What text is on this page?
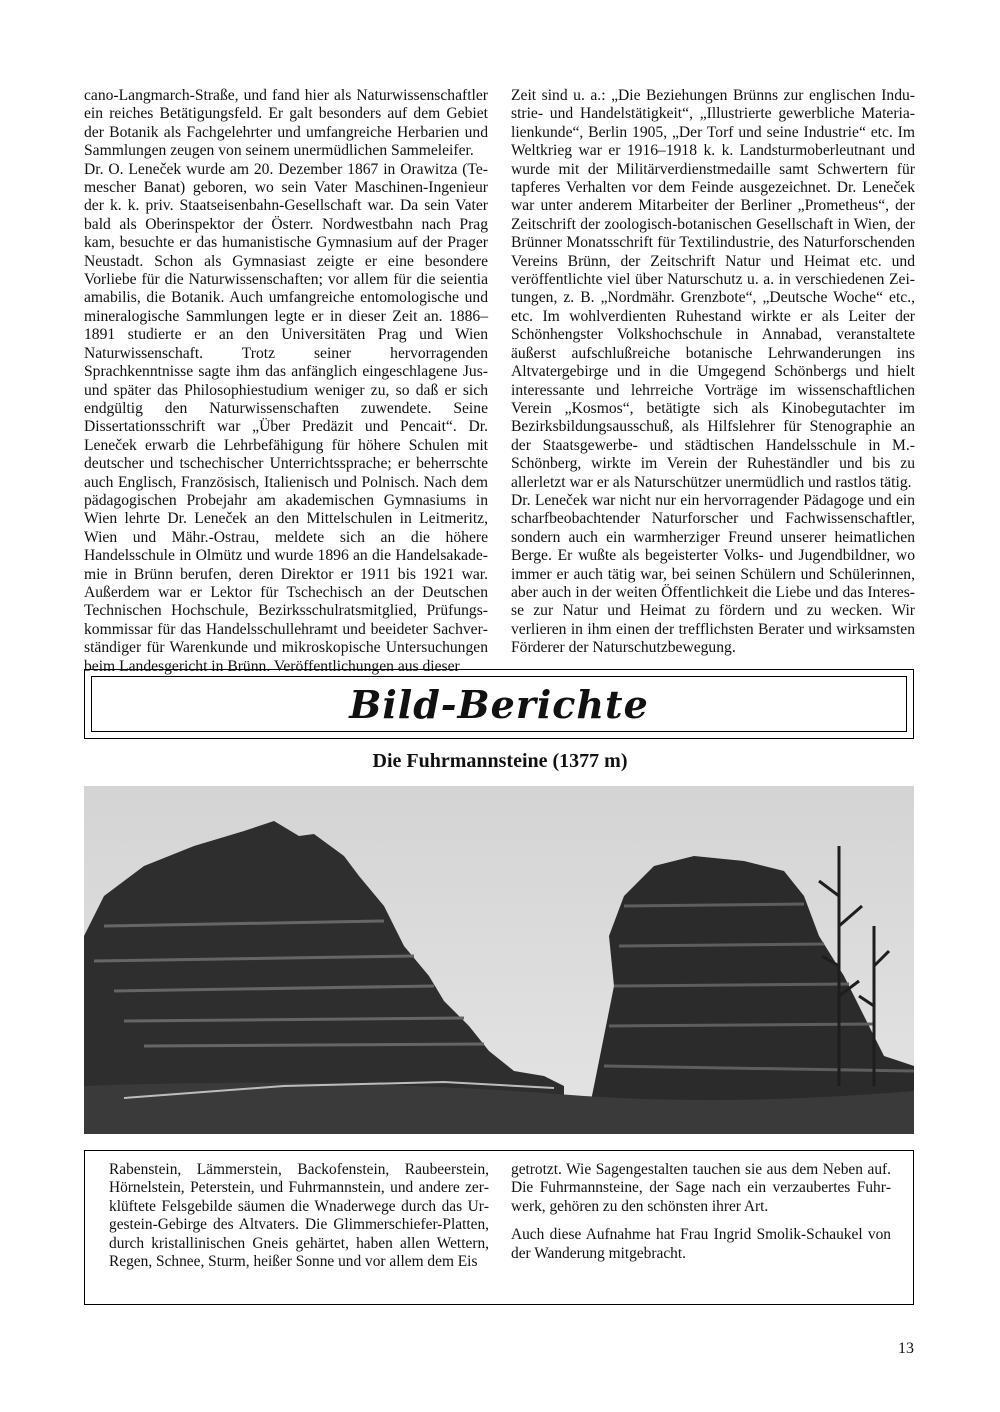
cano-Langmarch-Straße, und fand hier als Naturwissenschaftler ein reiches Betätigungsfeld. Er galt besonders auf dem Gebiet der Botanik als Fachgelehrter und umfangreiche Herbarien und Sammlungen zeugen von seinem unermüdlichen Sammeleifer.

Dr. O. Leneček wurde am 20. Dezember 1867 in Orawitza (Temescher Banat) geboren, wo sein Vater Maschinen-Ingenieur der k. k. priv. Staatseisenbahn-Gesellschaft war. Da sein Vater bald als Oberinspektor der Österr. Nordwestbahn nach Prag kam, besuchte er das humanistische Gymnasium auf der Prager Neustadt. Schon als Gymnasiast zeigte er eine besondere Vorliebe für die Naturwissenschaften; vor allem für die seientia amabilis, die Botanik. Auch umfangreiche entomologische und mineralogische Sammlungen legte er in dieser Zeit an. 1886–1891 studierte er an den Universitäten Prag und Wien Naturwissenschaft. Trotz seiner hervorragenden Sprachkenntnisse sagte ihm das anfänglich eingeschlagene Jus- und später das Philosophiestudium weniger zu, so daß er sich endgültig den Naturwissenschaften zuwendete. Seine Dissertationsschrift war „Über Predäzit und Pencait“. Dr. Leneček erwarb die Lehrbefähigung für höhere Schulen mit deutscher und tschechischer Unterrichtssprache; er beherrschte auch Englisch, Französisch, Italienisch und Polnisch. Nach dem pädagogischen Probejahr am akademischen Gymnasiums in Wien lehrte Dr. Leneček an den Mittelschulen in Leitmeritz, Wien und Mähr.-Ostrau, meldete sich an die höhere Handelsschule in Olmütz und wurde 1896 an die Handelsakademie in Brünn berufen, deren Direktor er 1911 bis 1921 war. Außerdem war er Lektor für Tschechisch an der Deutschen Technischen Hochschule, Bezirksschulratsmitglied, Prüfungskommissar für das Handelsschullehramt und beeideter Sachverständiger für Warenkunde und mikroskopische Untersuchungen beim Landesgericht in Brünn. Veröffentlichungen aus dieser

Zeit sind u. a.: „Die Beziehungen Brünns zur englischen Industrie- und Handelstätigkeit“, „Illustrierte gewerbliche Materialienkunde“, Berlin 1905, „Der Torf und seine Industrie“ etc. Im Weltkrieg war er 1916–1918 k. k. Landsturmoberleutnant und wurde mit der Militärverdienstmedaille samt Schwertern für tapferes Verhalten vor dem Feinde ausgezeichnet. Dr. Leneček war unter anderem Mitarbeiter der Berliner „Prometheus“, der Zeitschrift der zoologisch-botanischen Gesellschaft in Wien, der Brünner Monatsschrift für Textilindustrie, des Naturforschenden Vereins Brünn, der Zeitschrift Natur und Heimat etc. und veröffentlichte viel über Naturschutz u. a. in verschiedenen Zeitungen, z. B. „Nordmähr. Grenzbote“, „Deutsche Woche“ etc., etc. Im wohlverdienten Ruhestand wirkte er als Leiter der Schönhengster Volkshochschule in Annabad, veranstaltete äußerst aufschlußreiche botanische Lehrwanderungen ins Altvatergebirge und in die Umgegend Schönbergs und hielt interessante und lehrreiche Vorträge im wissenschaftlichen Verein „Kosmos“, betätigte sich als Kinobegutachter im Bezirksbildungsausschuß, als Hilfslehrer für Stenographie an der Staatsgewerbe- und städtischen Handelsschule in M.-Schönberg, wirkte im Verein der Ruheständler und bis zu allerletzt war er als Naturschützer unermüdlich und rastlos tätig.

Dr. Leneček war nicht nur ein hervorragender Pädagoge und ein scharfbeobachtender Naturforscher und Fachwissenschaftler, sondern auch ein warmherziger Freund unserer heimatlichen Berge. Er wußte als begeisterter Volks- und Jugendbildner, wo immer er auch tätig war, bei seinen Schülern und Schülerinnen, aber auch in der weiten Öffentlichkeit die Liebe und das Interesse zur Natur und Heimat zu fördern und zu wecken. Wir verlieren in ihm einen der trefflichsten Berater und wirksamsten Förderer der Naturschutzbewegung.

Bild-Berichte
Die Fuhrmannsteine (1377 m)

Rabenstein, Lämmerstein, Backofenstein, Raubeerstein, Hörnelstein, Peterstein, und Fuhrmannstein, und andere zerklüftete Felsgebilde säumen die Wnaderwege durch das Urgestein-Gebirge des Altvaters. Die Glimmerschiefer-Platten, durch kristallinischen Gneis gehärtet, haben allen Wettern, Regen, Schnee, Sturm, heißer Sonne und vor allem dem Eis

getrotzt. Wie Sagengestalten tauchen sie aus dem Neben auf. Die Fuhrmannsteine, der Sage nach ein verzaubertes Fuhrwerk, gehören zu den schönsten ihrer Art.

Auch diese Aufnahme hat Frau Ingrid Smolik-Schaukel von der Wanderung mitgebracht.

13
